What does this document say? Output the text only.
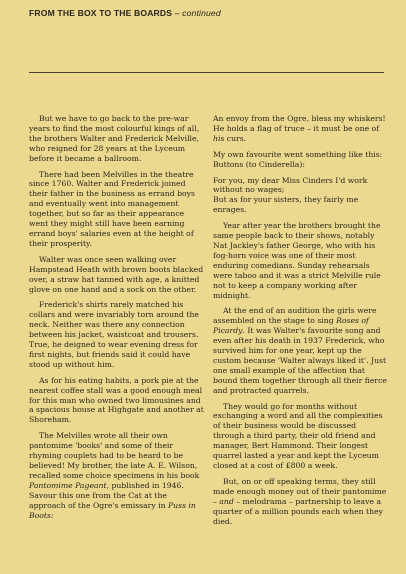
FROM THE BOX TO THE BOARDS – continued

But we have to go back to the pre-war years to find the most colourful kings of all, the brothers Walter and Frederick Melville, who reigned for 28 years at the Lyceum before it became a ballroom.

There had been Melvilles in the theatre since 1760. Walter and Frederick joined their father in the business as errand boys and eventually went into management together, but so far as their appearance went they might still have been earning errand boys' salaries even at the height of their prosperity.

Walter was once seen walking over Hampstead Heath with brown boots blacked over, a straw hat tanned with age, a knitted glove on one hand and a sock on the other.

Frederick's shirts rarely matched his collars and were invariably torn around the neck. Neither was there any connection between his jacket, waistcoat and trousers. True, he deigned to wear evening dress for first nights, but friends said it could have stood up without him.

As for his eating habits, a pork pie at the nearest coffee stall was a good enough meal for this man who owned two limousines and a spacious house at Highgate and another at Shoreham.

The Melvilles wrote all their own pantomime 'books' and some of their rhyming couplets had to be heard to be believed! My brother, the late A. E. Wilson, recalled some choice specimens in his book Pantomime Pageant, published in 1946. Savour this one from the Cat at the approach of the Ogre's emissary in Puss in Boots:

An envoy from the Ogre, bless my whiskers!
He holds a flag of truce – it must be one of his curs.

My own favourite went something like this: Buttons (to Cinderella):

For you, my dear Miss Cinders I'd work without no wages;
But as for your sisters, they fairly me enrages.

Year after year the brothers brought the same people back to their shows, notably Nat Jackley's father George, who with his fog-horn voice was one of their most enduring comedians. Sunday rehearsals were taboo and it was a strict Melville rule not to keep a company working after midnight.

At the end of an audition the girls were assembled on the stage to sing Roses of Picardy. It was Walter's favourite song and even after his death in 1937 Frederick, who survived him for one year, kept up the custom because 'Walter always liked it'. Just one small example of the affection that bound them together through all their fierce and protracted quarrels.

They would go for months without exchanging a word and all the complexities of their business would be discussed through a third party, their old friend and manager, Bert Hammond. Their longest quarrel lasted a year and kept the Lyceum closed at a cost of £800 a week.

But, on or off speaking terms, they still made enough money out of their pantomime – and – melodrama – partnership to leave a quarter of a million pounds each when they died.
